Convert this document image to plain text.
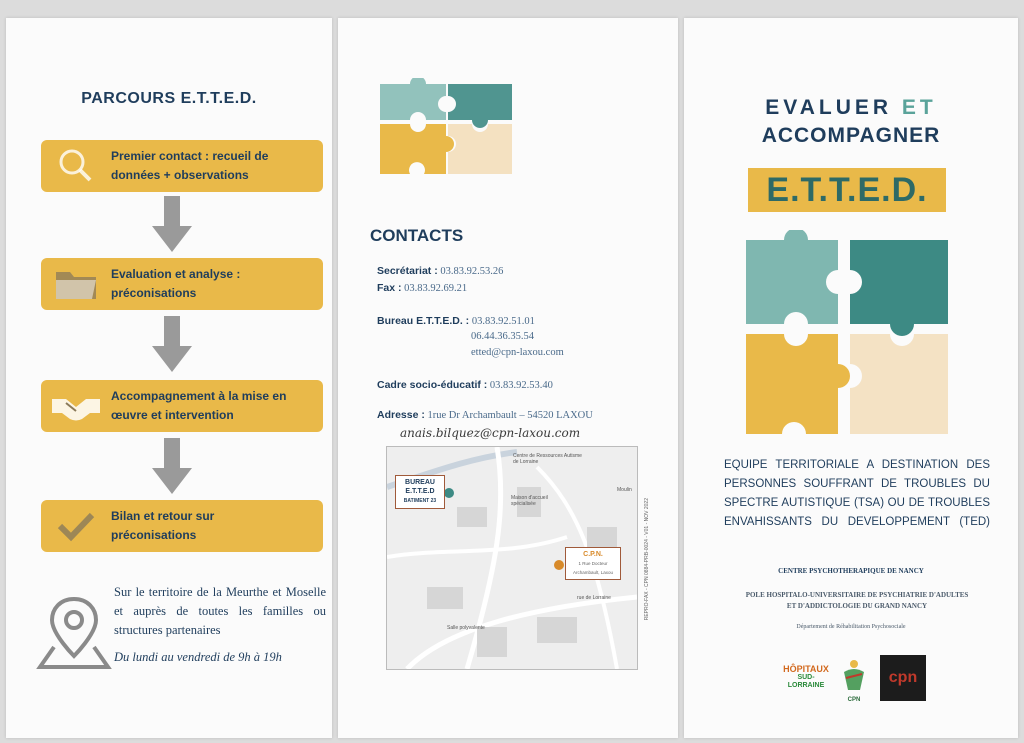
PARCOURS E.T.T.E.D.
Premier contact : recueil de
données + observations
Evaluation et analyse :
préconisations
Accompagnement à la mise en
œuvre et intervention
Bilan et retour sur
préconisations
Sur le territoire de la Meurthe et Moselle et auprès de toutes les familles ou structures partenaires
Du lundi au vendredi de 9h à 19h
CONTACTS
Secrétariat : 03.83.92.53.26
Fax : 03.83.92.69.21
Bureau E.T.T.E.D. : 03.83.92.51.01
06.44.36.35.54
etted@cpn-laxou.com
Cadre socio-éducatif : 03.83.92.53.40
Adresse : 1rue Dr Archambault – 54520 LAXOU
anais.bilquez@cpn-laxou.com
BUREAU
E.T.T.E.D
BATIMENT 23
C.P.N.
1 Rue Docteur
Archambault, Laxou
Centre de Ressources Autisme de Lorraine
Maison d'accueil spécialisée
Salle polyvalente
Moulin
rue de Lorraine	REPRO-FAX - CPN 0884-PRB-0024 - V01 - NOV 2022
EVALUER ET
ACCOMPAGNER
E.T.T.E.D.
EQUIPE TERRITORIALE A DESTINATION DES
PERSONNES SOUFFRANT DE TROUBLES DU
SPECTRE AUTISTIQUE (TSA) OU DE TROUBLES
ENVAHISSANTS DU DEVELOPPEMENT (TED)
CENTRE PSYCHOTHERAPIQUE DE NANCY
POLE HOSPITALO-UNIVERSITAIRE DE PSYCHIATRIE D'ADULTES
ET D'ADDICTOLOGIE DU GRAND NANCY
Département de Réhabilitation Psychosociale
HÔPITAUX
SUD-LORRAINE
CPN
cpn
